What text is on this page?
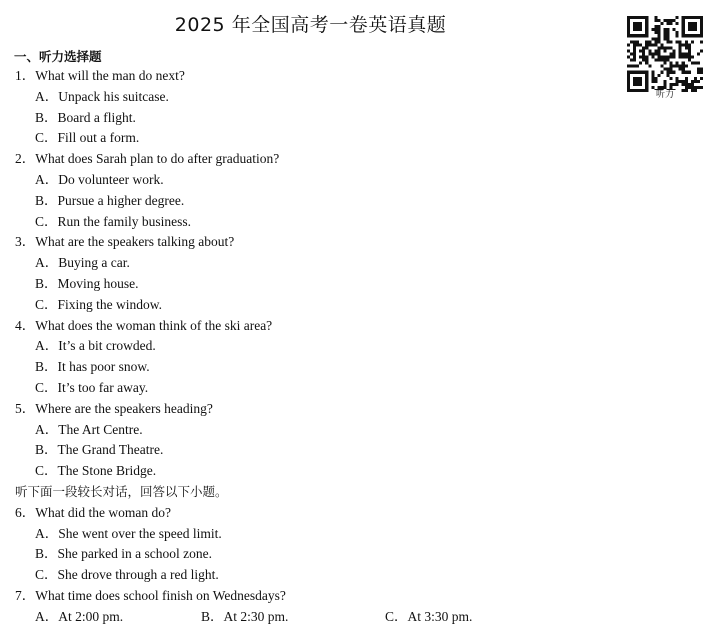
2025 年全国高考一卷英语真题
听力
一、听力选择题
1．What will the man do next?
A．Unpack his suitcase.
B．Board a flight.
C．Fill out a form.
2．What does Sarah plan to do after graduation?
A．Do volunteer work.
B．Pursue a higher degree.
C．Run the family business.
3．What are the speakers talking about?
A．Buying a car.
B．Moving house.
C．Fixing the window.
4．What does the woman think of the ski area?
A．It’s a bit crowded.
B．It has poor snow.
C．It’s too far away.
5．Where are the speakers heading?
A．The Art Centre.
B．The Grand Theatre.
C．The Stone Bridge.
听下面一段较长对话，回答以下小题。
6．What did the woman do?
A．She went over the speed limit.
B．She parked in a school zone.
C．She drove through a red light.
7．What time does school finish on Wednesdays?
A．At 2:00 pm.	B．At 2:30 pm.	C．At 3:30 pm.
